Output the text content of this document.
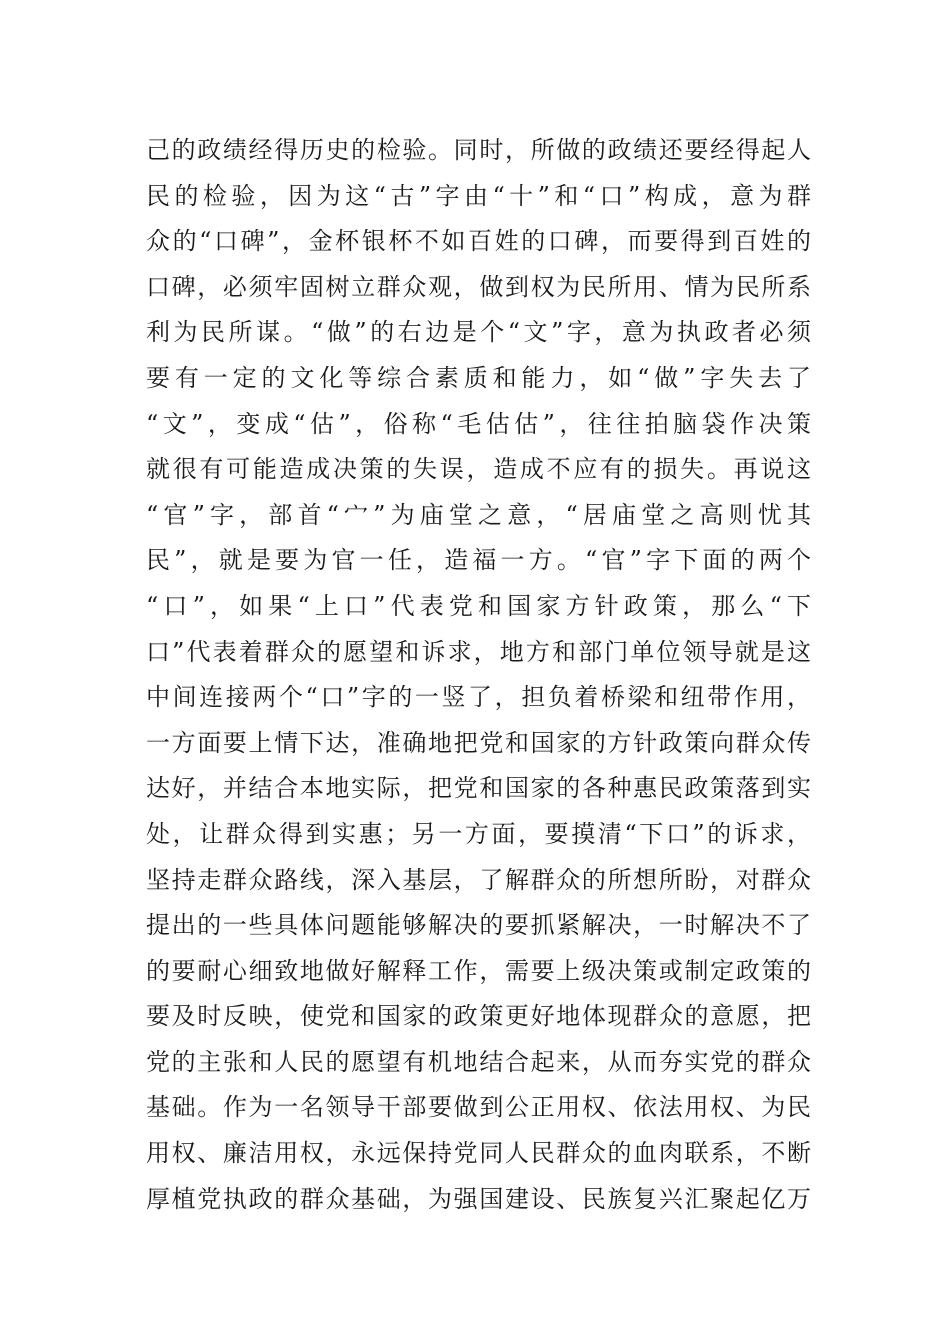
己的政绩经得历史的检验。同时，所做的政绩还要经得起人
民的检验，因为这“古”字由“十”和“口”构成，意为群
众的“口碑”，金杯银杯不如百姓的口碑，而要得到百姓的
口碑，必须牢固树立群众观，做到权为民所用、情为民所系
利为民所谋。“做”的右边是个“文”字，意为执政者必须
要有一定的文化等综合素质和能力，如“做”字失去了
“文”，变成“估”，俗称“毛估估”，往往拍脑袋作决策
就很有可能造成决策的失误，造成不应有的损失。再说这
“官”字，部首“宀”为庙堂之意，“居庙堂之高则忧其
民”，就是要为官一任，造福一方。“官”字下面的两个
“口”，如果“上口”代表党和国家方针政策，那么“下
口”代表着群众的愿望和诉求，地方和部门单位领导就是这
中间连接两个“口”字的一竖了，担负着桥梁和纽带作用，
一方面要上情下达，准确地把党和国家的方针政策向群众传
达好，并结合本地实际，把党和国家的各种惠民政策落到实
处，让群众得到实惠；另一方面，要摸清“下口”的诉求，
坚持走群众路线，深入基层，了解群众的所想所盼，对群众
提出的一些具体问题能够解决的要抓紧解决，一时解决不了
的要耐心细致地做好解释工作，需要上级决策或制定政策的
要及时反映，使党和国家的政策更好地体现群众的意愿，把
党的主张和人民的愿望有机地结合起来，从而夯实党的群众
基础。作为一名领导干部要做到公正用权、依法用权、为民
用权、廉洁用权，永远保持党同人民群众的血肉联系，不断
厚植党执政的群众基础，为强国建设、民族复兴汇聚起亿万
